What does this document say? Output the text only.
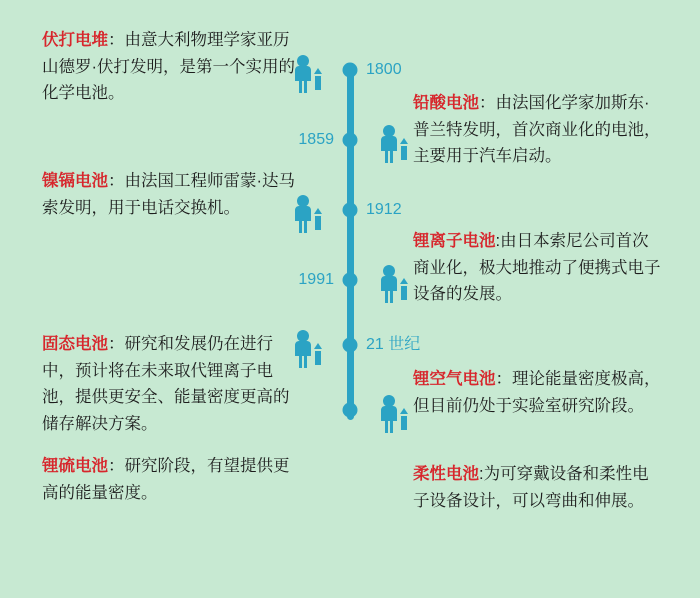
1800
1859
1912
1991
21 世纪
伏打电堆：由意大利物理学家亚历山德罗·伏打发明，是第一个实用的化学电池。
镍镉电池：由法国工程师雷蒙·达马索发明，用于电话交换机。
固态电池：研究和发展仍在进行中，预计将在未来取代锂离子电池，提供更安全、能量密度更高的储存解决方案。
锂硫电池：研究阶段，有望提供更高的能量密度。
铅酸电池：由法国化学家加斯东·普兰特发明，首次商业化的电池，主要用于汽车启动。
锂离子电池:由日本索尼公司首次商业化，极大地推动了便携式电子设备的发展。
锂空气电池：理论能量密度极高，但目前仍处于实验室研究阶段。
柔性电池:为可穿戴设备和柔性电子设备设计，可以弯曲和伸展。
